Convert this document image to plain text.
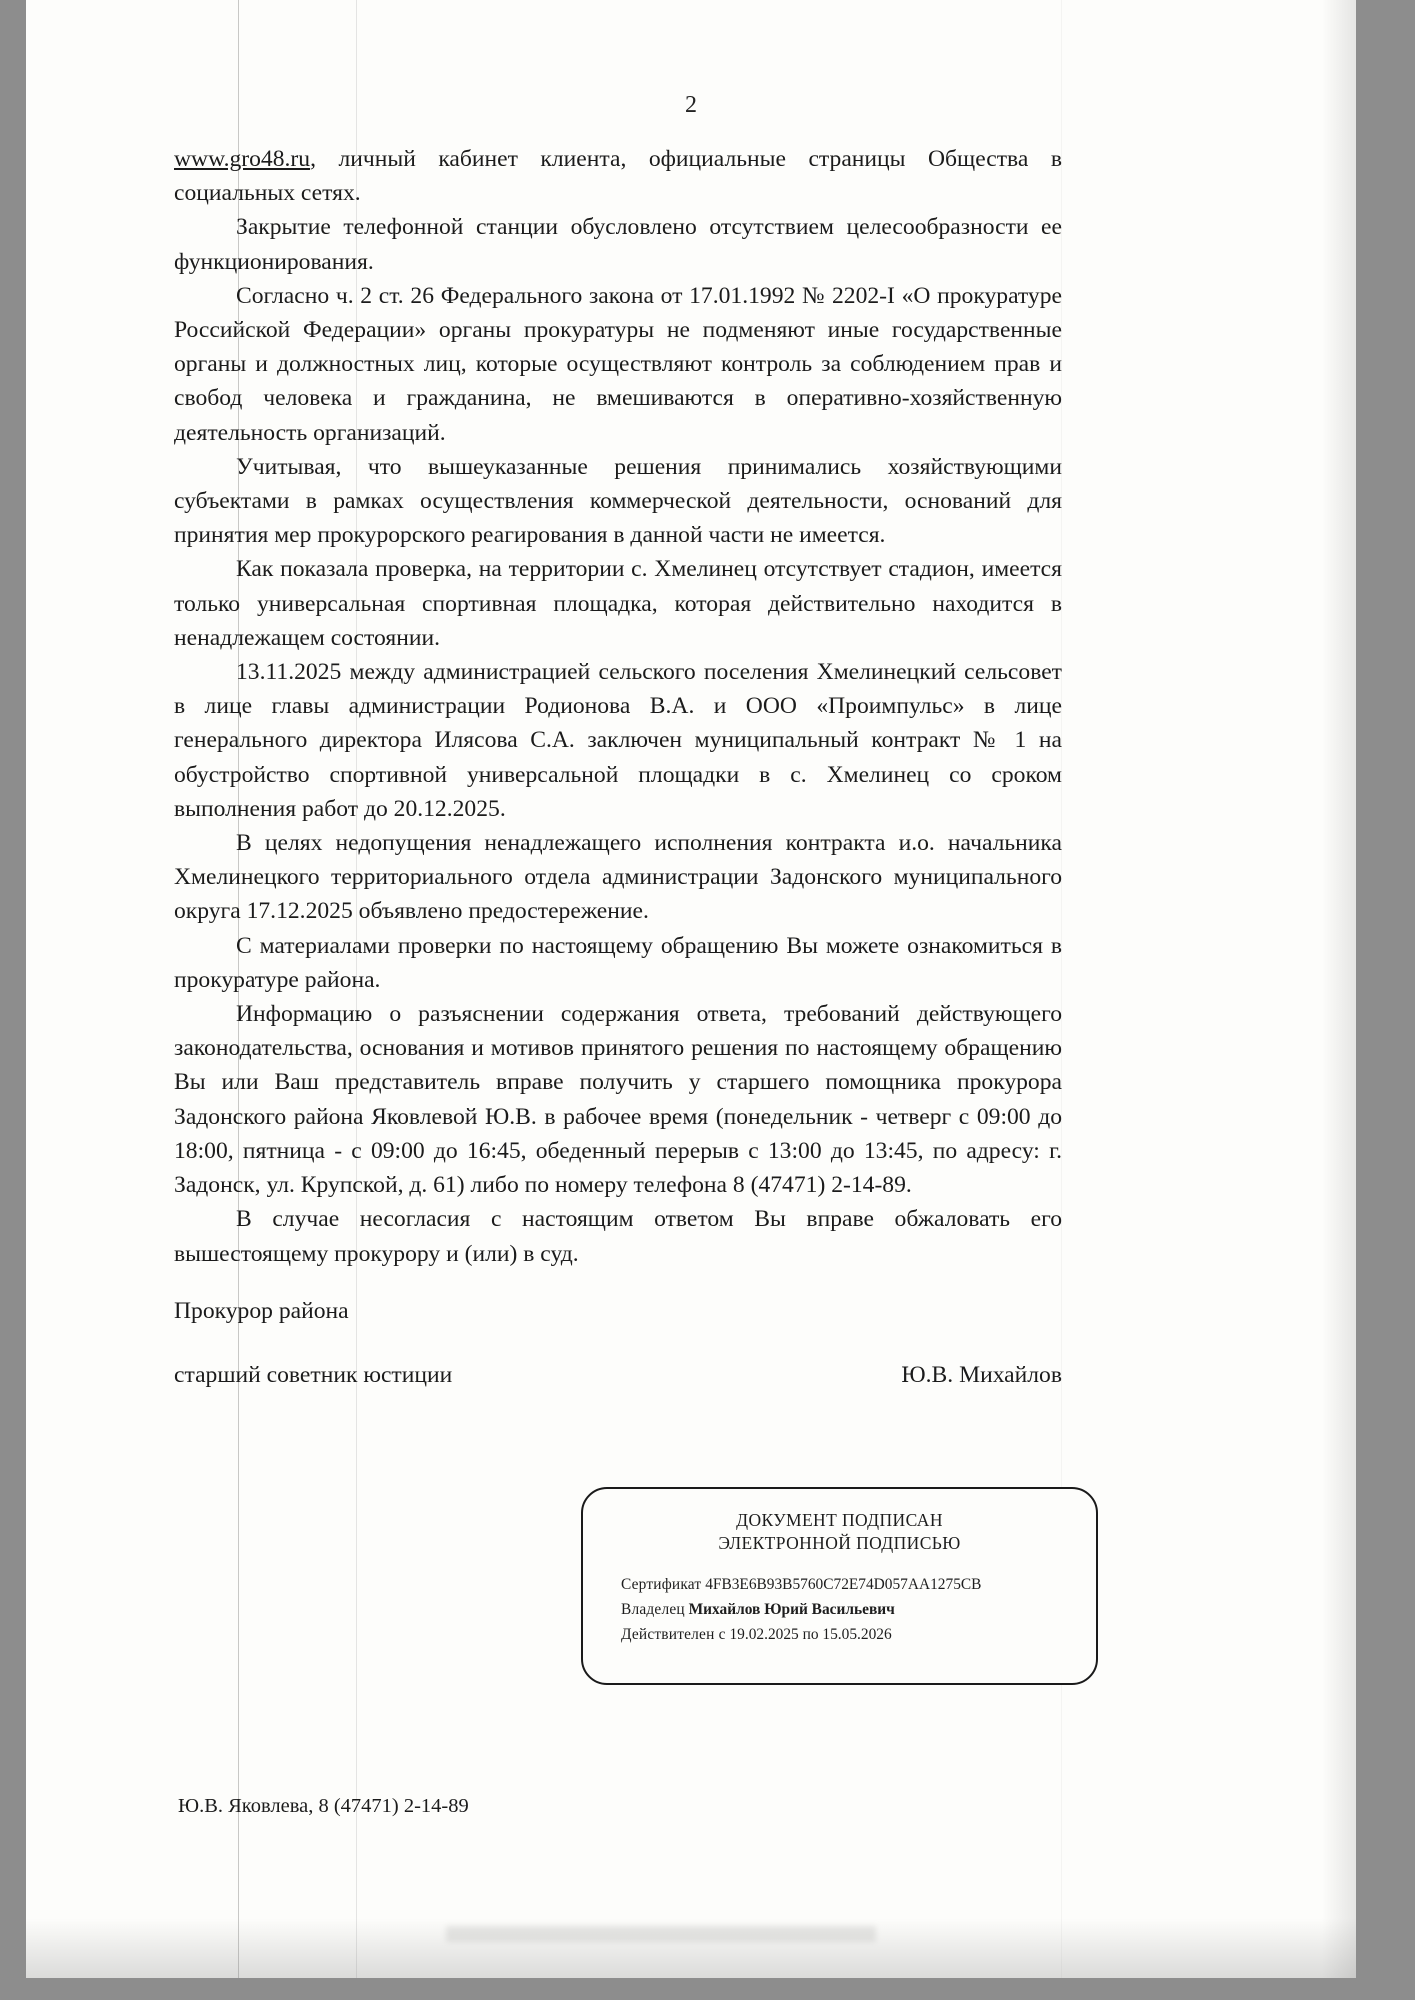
2

www.gro48.ru, личный кабинет клиента, официальные страницы Общества в социальных сетях.

Закрытие телефонной станции обусловлено отсутствием целесообразности ее функционирования.

Согласно ч. 2 ст. 26 Федерального закона от 17.01.1992 № 2202-I «О прокуратуре Российской Федерации» органы прокуратуры не подменяют иные государственные органы и должностных лиц, которые осуществляют контроль за соблюдением прав и свобод человека и гражданина, не вмешиваются в оперативно-хозяйственную деятельность организаций.

Учитывая, что вышеуказанные решения принимались хозяйствующими субъектами в рамках осуществления коммерческой деятельности, оснований для принятия мер прокурорского реагирования в данной части не имеется.

Как показала проверка, на территории с. Хмелинец отсутствует стадион, имеется только универсальная спортивная площадка, которая действительно находится в ненадлежащем состоянии.

13.11.2025 между администрацией сельского поселения Хмелинецкий сельсовет в лице главы администрации Родионова В.А. и ООО «Проимпульс» в лице генерального директора Илясова С.А. заключен муниципальный контракт № 1 на обустройство спортивной универсальной площадки в с. Хмелинец со сроком выполнения работ до 20.12.2025.

В целях недопущения ненадлежащего исполнения контракта и.о. начальника Хмелинецкого территориального отдела администрации Задонского муниципального округа 17.12.2025 объявлено предостережение.

С материалами проверки по настоящему обращению Вы можете ознакомиться в прокуратуре района.

Информацию о разъяснении содержания ответа, требований действующего законодательства, основания и мотивов принятого решения по настоящему обращению Вы или Ваш представитель вправе получить у старшего помощника прокурора Задонского района Яковлевой Ю.В. в рабочее время (понедельник - четверг с 09:00 до 18:00, пятница - с 09:00 до 16:45, обеденный перерыв с 13:00 до 13:45, по адресу: г. Задонск, ул. Крупской, д. 61) либо по номеру телефона 8 (47471) 2-14-89.

В случае несогласия с настоящим ответом Вы вправе обжаловать его вышестоящему прокурору и (или) в суд.

Прокурор района
старший советник юстиции	Ю.В. Михайлов
ДОКУМЕНТ ПОДПИСАН
ЭЛЕКТРОННОЙ ПОДПИСЬЮ
Сертификат 4FB3E6B93B5760C72E74D057AA1275CB
Владелец Михайлов Юрий Васильевич
Действителен с 19.02.2025 по 15.05.2026
Ю.В. Яковлева, 8 (47471) 2-14-89
